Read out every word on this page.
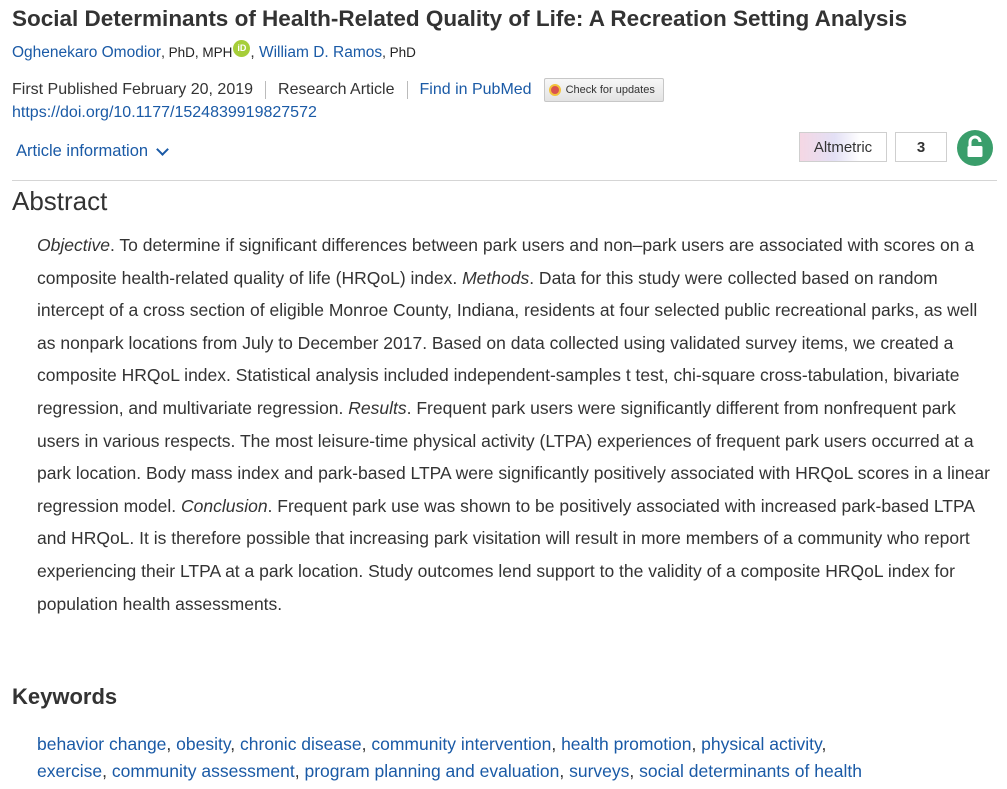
Social Determinants of Health-Related Quality of Life: A Recreation Setting Analysis
Oghenekaro Omodior, PhD, MPH iD , William D. Ramos, PhD
First Published February 20, 2019 Research Article Find in PubMed	Check for updates
https://doi.org/10.1177/1524839919827572
Article information	Altmetric	3
Abstract

Objective. To determine if significant differences between park users and non–park users are associated with scores on a composite health-related quality of life (HRQoL) index. Methods. Data for this study were collected based on random intercept of a cross section of eligible Monroe County, Indiana, residents at four selected public recreational parks, as well as nonpark locations from July to December 2017. Based on data collected using validated survey items, we created a composite HRQoL index. Statistical analysis included independent-samples t test, chi-square cross-tabulation, bivariate regression, and multivariate regression. Results. Frequent park users were significantly different from nonfrequent park users in various respects. The most leisure-time physical activity (LTPA) experiences of frequent park users occurred at a park location. Body mass index and park-based LTPA were significantly positively associated with HRQoL scores in a linear regression model. Conclusion. Frequent park use was shown to be positively associated with increased park-based LTPA and HRQoL. It is therefore possible that increasing park visitation will result in more members of a community who report experiencing their LTPA at a park location. Study outcomes lend support to the validity of a composite HRQoL index for population health assessments.

Keywords
behavior change, obesity, chronic disease, community intervention, health promotion, physical activity,
exercise, community assessment, program planning and evaluation, surveys, social determinants of health
